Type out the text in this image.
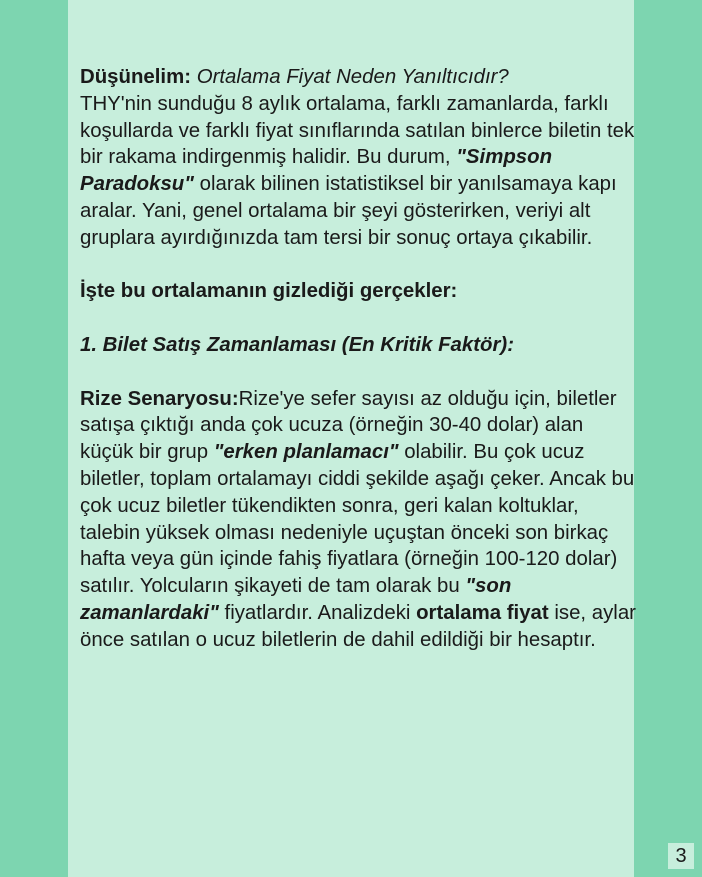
Düşünelim: Ortalama Fiyat Neden Yanıltıcıdır?
THY'nin sunduğu 8 aylık ortalama, farklı zamanlarda, farklı koşullarda ve farklı fiyat sınıflarında satılan binlerce biletin tek bir rakama indirgenmiş halidir. Bu durum, "Simpson Paradoksu" olarak bilinen istatistiksel bir yanılsamaya kapı aralar. Yani, genel ortalama bir şeyi gösterirken, veriyi alt gruplara ayırdığınızda tam tersi bir sonuç ortaya çıkabilir.

İşte bu ortalamanın gizlediği gerçekler:

1. Bilet Satış Zamanlaması (En Kritik Faktör):

Rize Senaryosu:Rize'ye sefer sayısı az olduğu için, biletler satışa çıktığı anda çok ucuza (örneğin 30-40 dolar) alan küçük bir grup "erken planlamacı" olabilir. Bu çok ucuz biletler, toplam ortalamayı ciddi şekilde aşağı çeker. Ancak bu çok ucuz biletler tükendikten sonra, geri kalan koltuklar, talebin yüksek olması nedeniyle uçuştan önceki son birkaç hafta veya gün içinde fahiş fiyatlara (örneğin 100-120 dolar) satılır. Yolcuların şikayeti de tam olarak bu "son zamanlardaki" fiyatlardır. Analizdeki ortalama fiyat ise, aylar önce satılan o ucuz biletlerin de dahil edildiği bir hesaptır.

3
